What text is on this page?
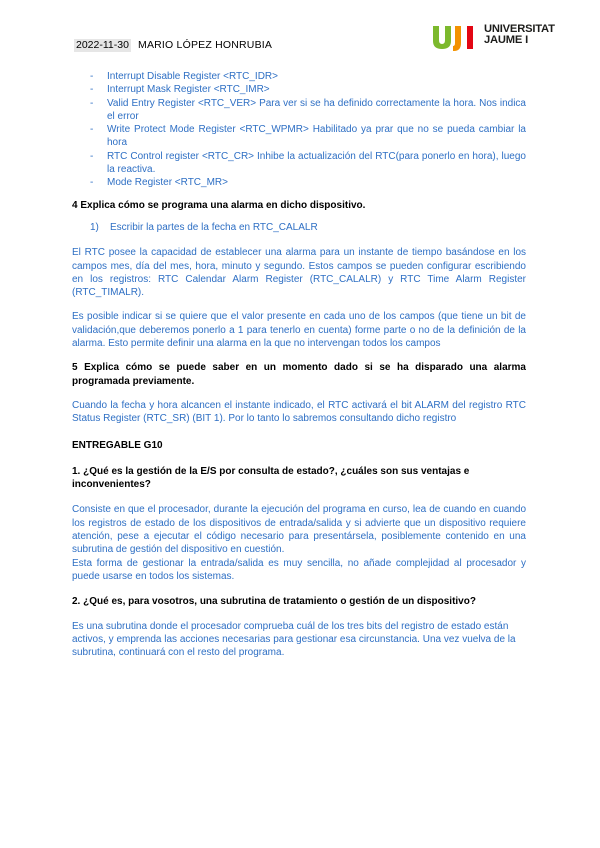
2022-11-30 MARIO LÓPEZ HONRUBIA
UNIVERSITAT
JAUME I
- Interrupt Disable Register <RTC_IDR>
- Interrupt Mask Register <RTC_IMR>
- Valid Entry Register <RTC_VER> Para ver si se ha definido correctamente la hora. Nos indica el error
- Write Protect Mode Register <RTC_WPMR> Habilitado ya prar que no se pueda cambiar la hora
- RTC Control register <RTC_CR> Inhibe la actualización del RTC(para ponerlo en hora), luego la reactiva.
- Mode Register <RTC_MR>
4 Explica cómo se programa una alarma en dicho dispositivo.
1) Escribir la partes de la fecha en RTC_CALALR

El RTC posee la capacidad de establecer una alarma para un instante de tiempo basándose en los campos mes, día del mes, hora, minuto y segundo. Estos campos se pueden configurar escribiendo en los registros: RTC Calendar Alarm Register (RTC_CALALR) y RTC Time Alarm Register (RTC_TIMALR).

Es posible indicar si se quiere que el valor presente en cada uno de los campos (que tiene un bit de validación,que deberemos ponerlo a 1 para tenerlo en cuenta) forme parte o no de la definición de la alarma. Esto permite definir una alarma en la que no intervengan todos los campos

5 Explica cómo se puede saber en un momento dado si se ha disparado una alarma programada previamente.

Cuando la fecha y hora alcancen el instante indicado, el RTC activará el bit ALARM del registro RTC Status Register (RTC_SR) (BIT 1). Por lo tanto lo sabremos consultando dicho registro

ENTREGABLE G10
1. ¿Qué es la gestión de la E/S por consulta de estado?, ¿cuáles son sus ventajas e inconvenientes?

Consiste en que el procesador, durante la ejecución del programa en curso, lea de cuando en cuando los registros de estado de los dispositivos de entrada/salida y si advierte que un dispositivo requiere atención, pese a ejecutar el código necesario para presentársela, posiblemente contenido en una subrutina de gestión del dispositivo en cuestión.

Esta forma de gestionar la entrada/salida es muy sencilla, no añade complejidad al procesador y puede usarse en todos los sistemas.

2. ¿Qué es, para vosotros, una subrutina de tratamiento o gestión de un dispositivo?

Es una subrutina donde el procesador comprueba cuál de los tres bits del registro de estado están activos, y emprenda las acciones necesarias para gestionar esa circunstancia. Una vez vuelva de la subrutina, continuará con el resto del programa.
